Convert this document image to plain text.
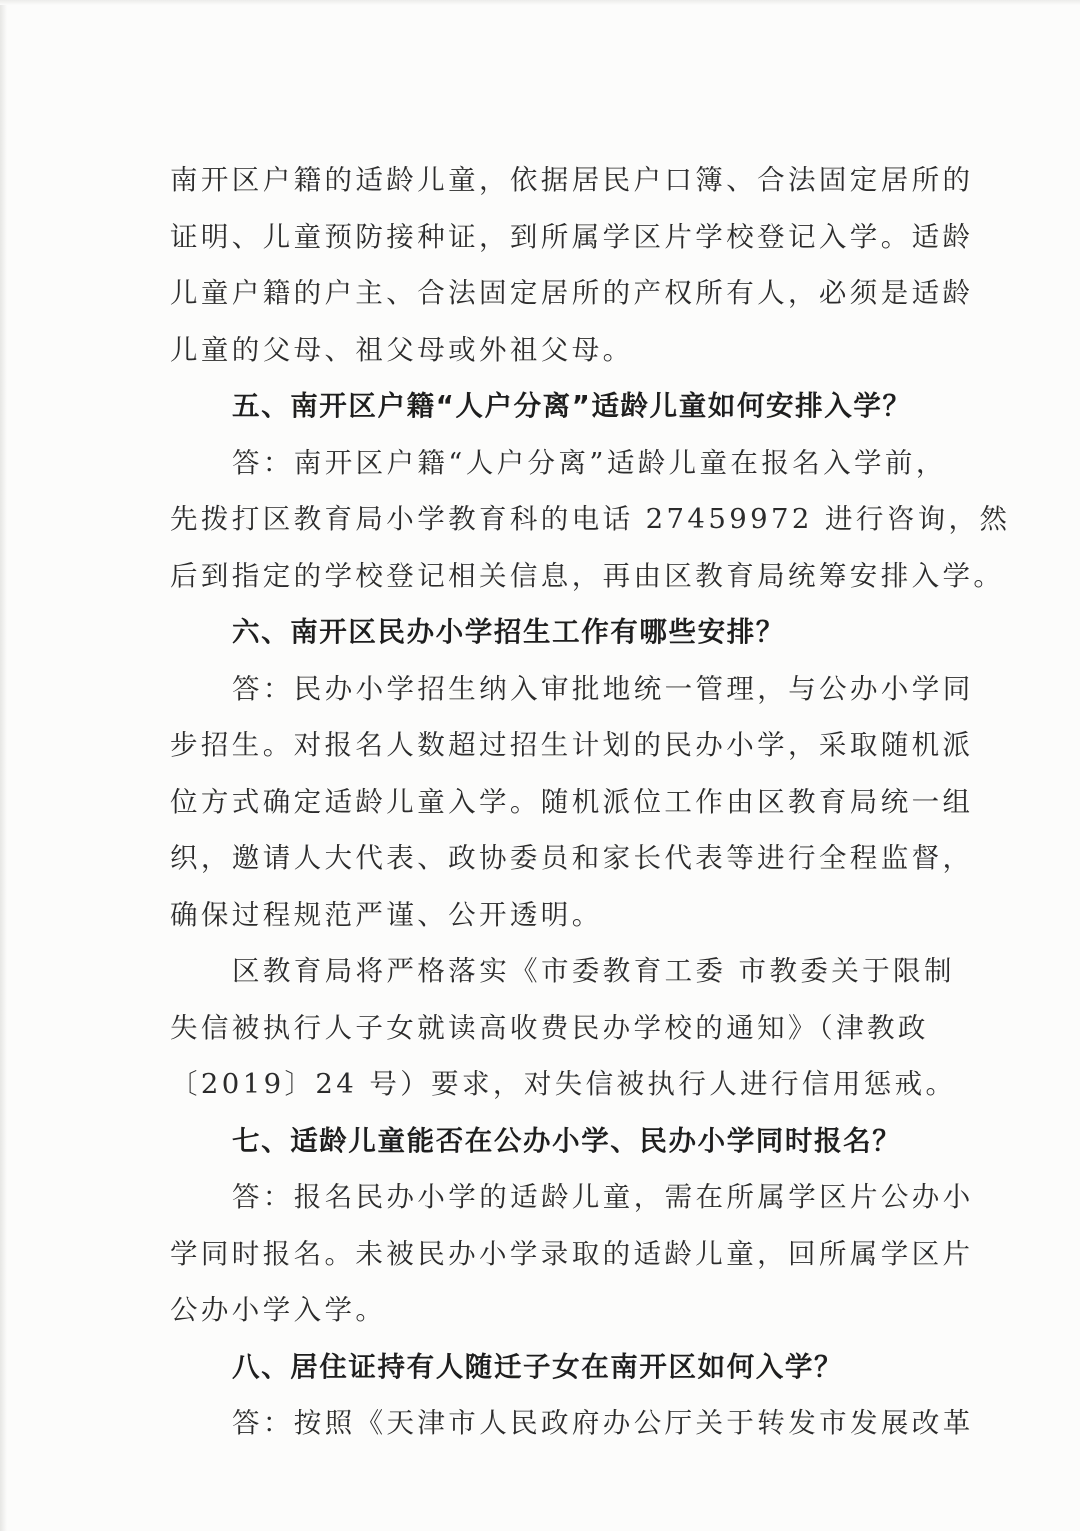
南开区户籍的适龄儿童，依据居民户口簿、合法固定居所的
证明、儿童预防接种证，到所属学区片学校登记入学。适龄
儿童户籍的户主、合法固定居所的产权所有人，必须是适龄
儿童的父母、祖父母或外祖父母。
五、南开区户籍“人户分离”适龄儿童如何安排入学？
答：南开区户籍“人户分离”适龄儿童在报名入学前，
先拨打区教育局小学教育科的电话 27459972 进行咨询，然
后到指定的学校登记相关信息，再由区教育局统筹安排入学。
六、南开区民办小学招生工作有哪些安排？
答：民办小学招生纳入审批地统一管理，与公办小学同
步招生。对报名人数超过招生计划的民办小学，采取随机派
位方式确定适龄儿童入学。随机派位工作由区教育局统一组
织，邀请人大代表、政协委员和家长代表等进行全程监督，
确保过程规范严谨、公开透明。
区教育局将严格落实《市委教育工委 市教委关于限制
失信被执行人子女就读高收费民办学校的通知》（津教政
〔2019〕24 号）要求，对失信被执行人进行信用惩戒。
七、适龄儿童能否在公办小学、民办小学同时报名？
答：报名民办小学的适龄儿童，需在所属学区片公办小
学同时报名。未被民办小学录取的适龄儿童，回所属学区片
公办小学入学。
八、居住证持有人随迁子女在南开区如何入学？
答：按照《天津市人民政府办公厅关于转发市发展改革
